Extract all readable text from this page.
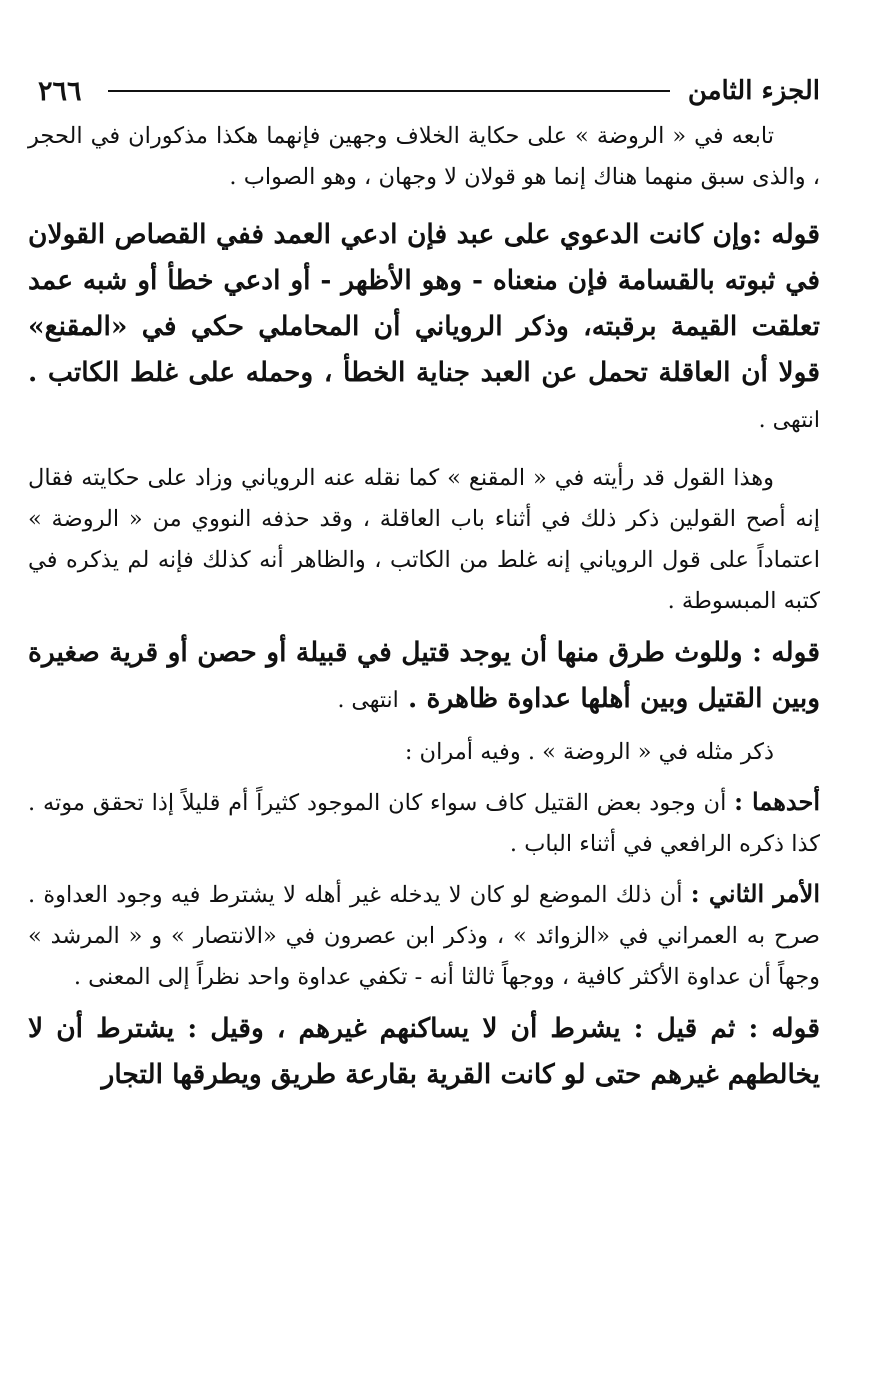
٢٦٦	الجزء الثامن

تابعه في « الروضة » على حكاية الخلاف وجهين فإنهما هكذا مذكوران في الحجر ، والذى سبق منهما هناك إنما هو قولان لا وجهان ، وهو الصواب .

قوله :وإن كانت الدعوي على عبد فإن ادعي العمد ففي القصاص القولان في ثبوته بالقسامة فإن منعناه - وهو الأظهر - أو ادعي خطأ أو شبه عمد تعلقت القيمة برقبته، وذكر الروياني أن المحاملي حكي في «المقنع» قولا أن العاقلة تحمل عن العبد جناية الخطأ ، وحمله على غلط الكاتب . انتهى .

وهذا القول قد رأيته في « المقنع » كما نقله عنه الروياني وزاد على حكايته فقال إنه أصح القولين ذكر ذلك في أثناء باب العاقلة ، وقد حذفه النووي من « الروضة » اعتماداً على قول الروياني إنه غلط من الكاتب ، والظاهر أنه كذلك فإنه لم يذكره في كتبه المبسوطة .

قوله : وللوث طرق منها أن يوجد قتيل في قبيلة أو حصن أو قرية صغيرة وبين القتيل وبين أهلها عداوة ظاهرة . انتهى .

ذكر مثله في « الروضة » . وفيه أمران :

أحدهما : أن وجود بعض القتيل كاف سواء كان الموجود كثيراً أم قليلاً إذا تحقق موته . كذا ذكره الرافعي في أثناء الباب .

الأمر الثاني : أن ذلك الموضع لو كان لا يدخله غير أهله لا يشترط فيه وجود العداوة . صرح به العمراني في «الزوائد » ، وذكر ابن عصرون في «الانتصار » و « المرشد » وجهاً أن عداوة الأكثر كافية ، ووجهاً ثالثا أنه - تكفي عداوة واحد نظراً إلى المعنى .

قوله : ثم قيل : يشرط أن لا يساكنهم غيرهم ، وقيل : يشترط أن لا يخالطهم غيرهم حتى لو كانت القرية بقارعة طريق ويطرقها التجار
